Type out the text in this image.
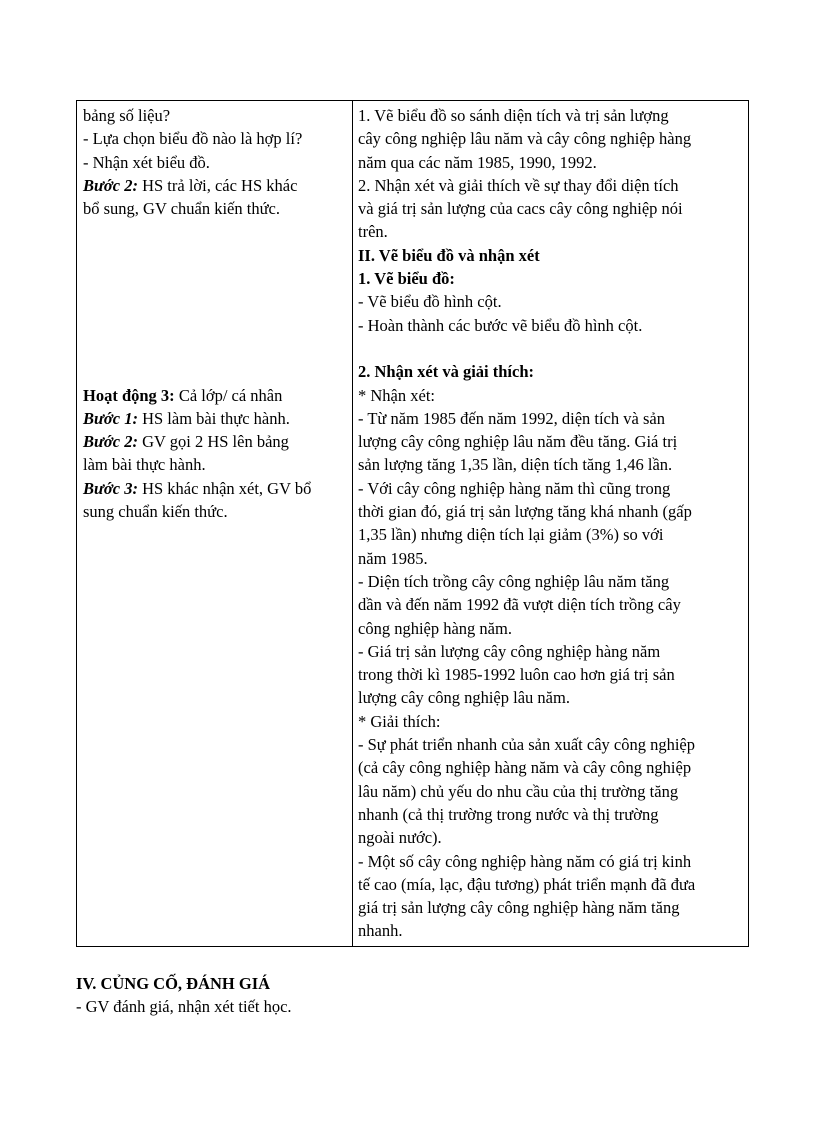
bảng số liệu?
- Lựa chọn biểu đồ nào là hợp lí?
- Nhận xét biểu đồ.
Bước 2: HS trả lời, các HS khác
bổ sung, GV chuẩn kiến thức.
Hoạt động 3: Cả lớp/ cá nhân
Bước 1: HS làm bài thực hành.
Bước 2: GV gọi 2 HS lên bảng
làm bài thực hành.
Bước 3: HS khác nhận xét, GV bổ
sung chuẩn kiến thức.
1. Vẽ biểu đồ so sánh diện tích và trị sản lượng
cây công nghiệp lâu năm và cây công nghiệp hàng
năm qua các năm 1985, 1990, 1992.
2. Nhận xét và giải thích về sự thay đổi diện tích
và giá trị sản lượng của cacs cây công nghiệp nói
trên.
II. Vẽ biểu đồ và nhận xét
1. Vẽ biểu đồ:
- Vẽ biểu đồ hình cột.
- Hoàn thành các bước vẽ biểu đồ hình cột.
2. Nhận xét và giải thích:
* Nhận xét:
- Từ năm 1985 đến năm 1992, diện tích và sản
lượng cây công nghiệp lâu năm đều tăng. Giá trị
sản lượng tăng 1,35 lần, diện tích tăng 1,46 lần.
- Với cây công nghiệp hàng năm thì cũng trong
thời gian đó, giá trị sản lượng tăng khá nhanh (gấp
1,35 lần) nhưng diện tích lại giảm (3%) so với
năm 1985.
- Diện tích trồng cây công nghiệp lâu năm tăng
dần và đến năm 1992 đã vượt diện tích trồng cây
công nghiệp hàng năm.
- Giá trị sản lượng cây công nghiệp hàng năm
trong thời kì 1985-1992 luôn cao hơn giá trị sản
lượng cây công nghiệp lâu năm.
* Giải thích:
- Sự phát triển nhanh của sản xuất cây công nghiệp
(cả cây công nghiệp hàng năm và cây công nghiệp
lâu năm) chủ yếu do nhu cầu của thị trường tăng
nhanh (cả thị trường trong nước và thị trường
ngoài nước).
- Một số cây công nghiệp hàng năm có giá trị kinh
tế cao (mía, lạc, đậu tương) phát triển mạnh đã đưa
giá trị sản lượng cây công nghiệp hàng năm tăng
nhanh.
IV. CỦNG CỐ, ĐÁNH GIÁ
- GV đánh giá, nhận xét tiết học.
